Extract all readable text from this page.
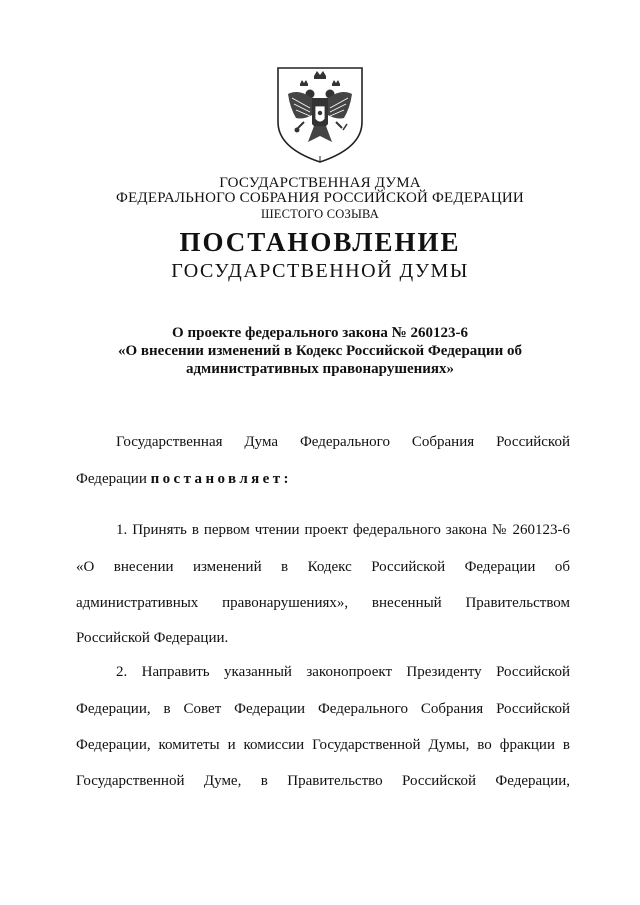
ГОСУДАРСТВЕННАЯ ДУМА
ФЕДЕРАЛЬНОГО СОБРАНИЯ РОССИЙСКОЙ ФЕДЕРАЦИИ
ШЕСТОГО СОЗЫВА
ПОСТАНОВЛЕНИЕ
ГОСУДАРСТВЕННОЙ ДУМЫ
О проекте федерального закона № 260123-6
«О внесении изменений в Кодекс Российской Федерации об
административных правонарушениях»
Государственная Дума Федерального Собрания Российской
Федерации постановляет:
1. Принять в первом чтении проект федерального закона № 260123-6
«О внесении изменений в Кодекс Российской Федерации об
административных правонарушениях», внесенный Правительством
Российской Федерации.
2. Направить указанный законопроект Президенту Российской
Федерации, в Совет Федерации Федерального Собрания Российской
Федерации, комитеты и комиссии Государственной Думы, во фракции в
Государственной Думе, в Правительство Российской Федерации,
